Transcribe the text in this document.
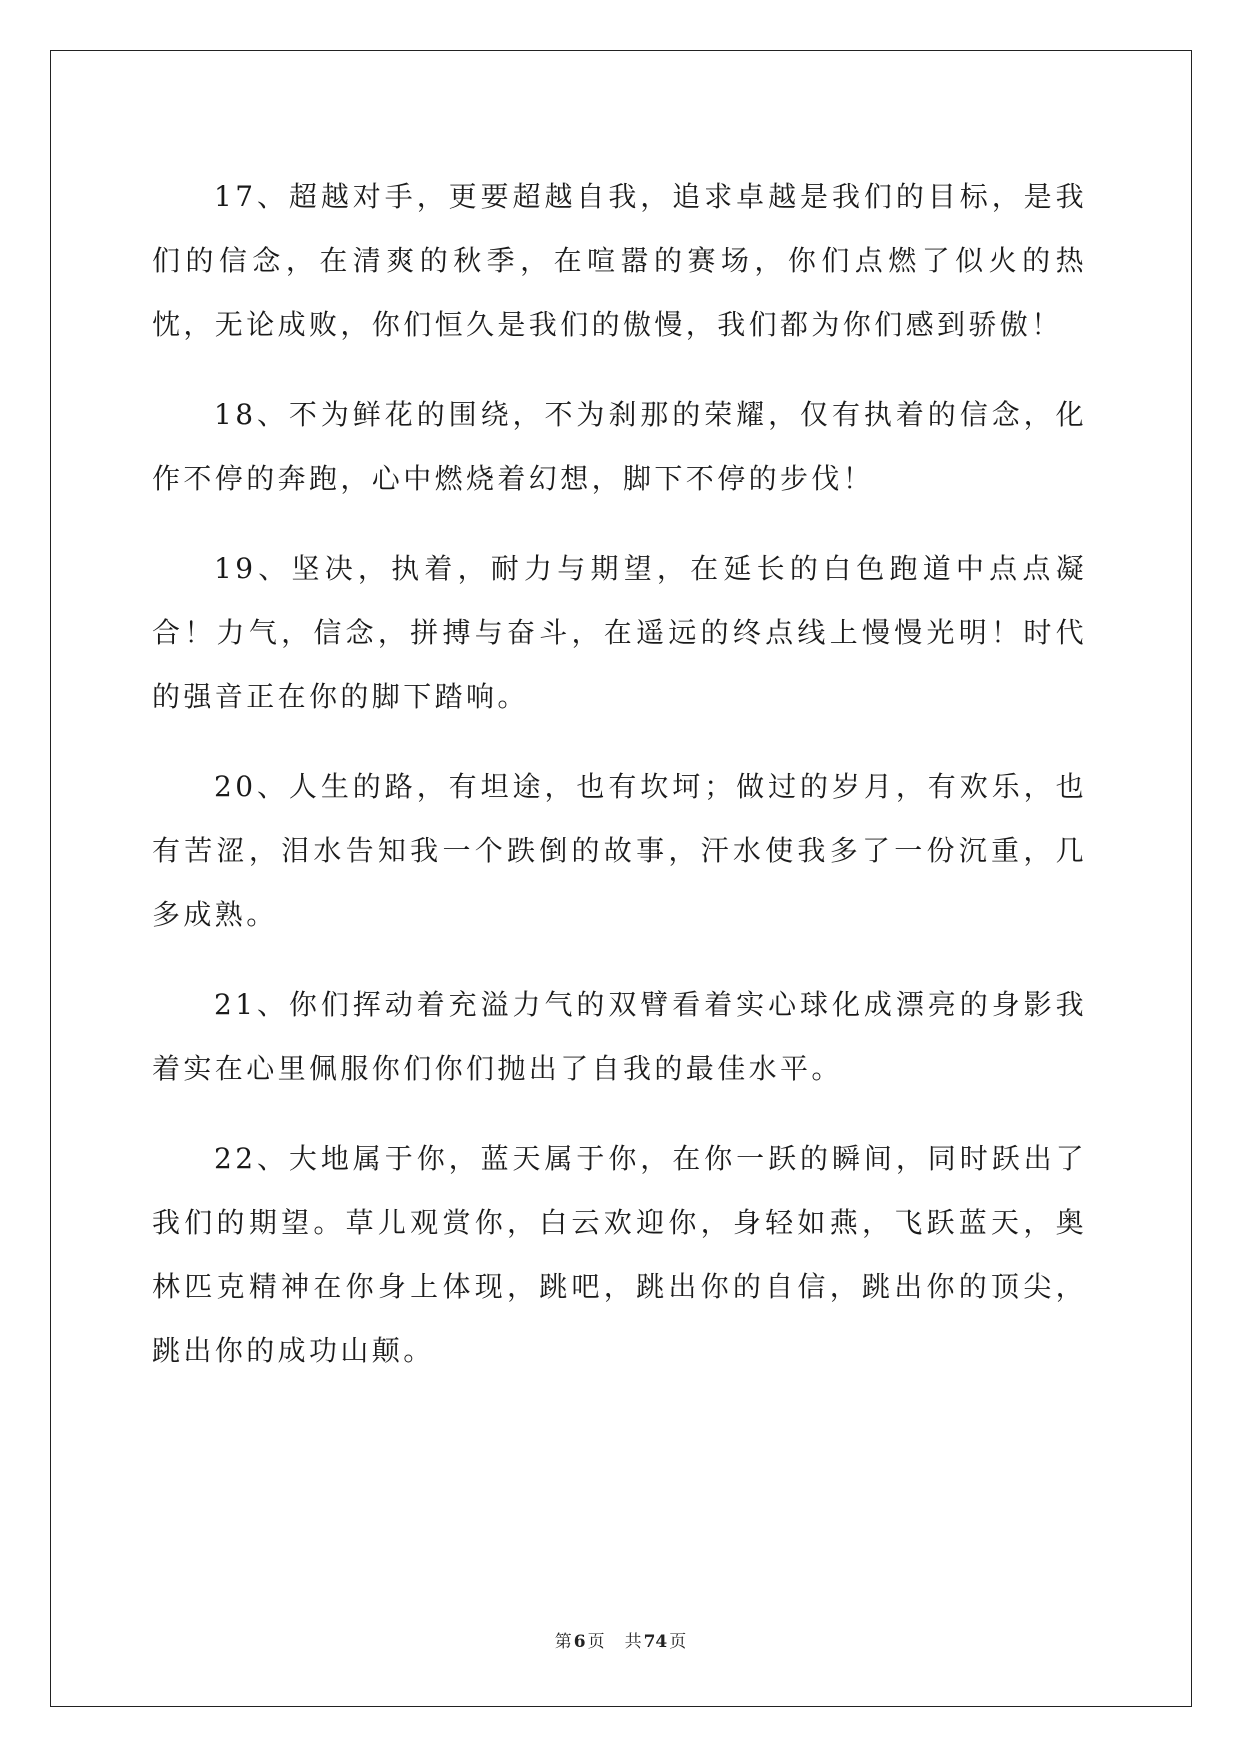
17、超越对手，更要超越自我，追求卓越是我们的目标，是我们的信念，在清爽的秋季，在喧嚣的赛场，你们点燃了似火的热忱，无论成败，你们恒久是我们的傲慢，我们都为你们感到骄傲！

18、不为鲜花的围绕，不为刹那的荣耀，仅有执着的信念，化作不停的奔跑，心中燃烧着幻想，脚下不停的步伐！

19、坚决，执着，耐力与期望，在延长的白色跑道中点点凝合！力气，信念，拼搏与奋斗，在遥远的终点线上慢慢光明！时代的强音正在你的脚下踏响。

20、人生的路，有坦途，也有坎坷；做过的岁月，有欢乐，也有苦涩，泪水告知我一个跌倒的故事，汗水使我多了一份沉重，几多成熟。

21、你们挥动着充溢力气的双臂看着实心球化成漂亮的身影我着实在心里佩服你们你们抛出了自我的最佳水平。

22、大地属于你，蓝天属于你，在你一跃的瞬间，同时跃出了我们的期望。草儿观赏你，白云欢迎你，身轻如燕，飞跃蓝天，奥林匹克精神在你身上体现，跳吧，跳出你的自信，跳出你的顶尖，跳出你的成功山颠。

第 6 页 共 74 页
